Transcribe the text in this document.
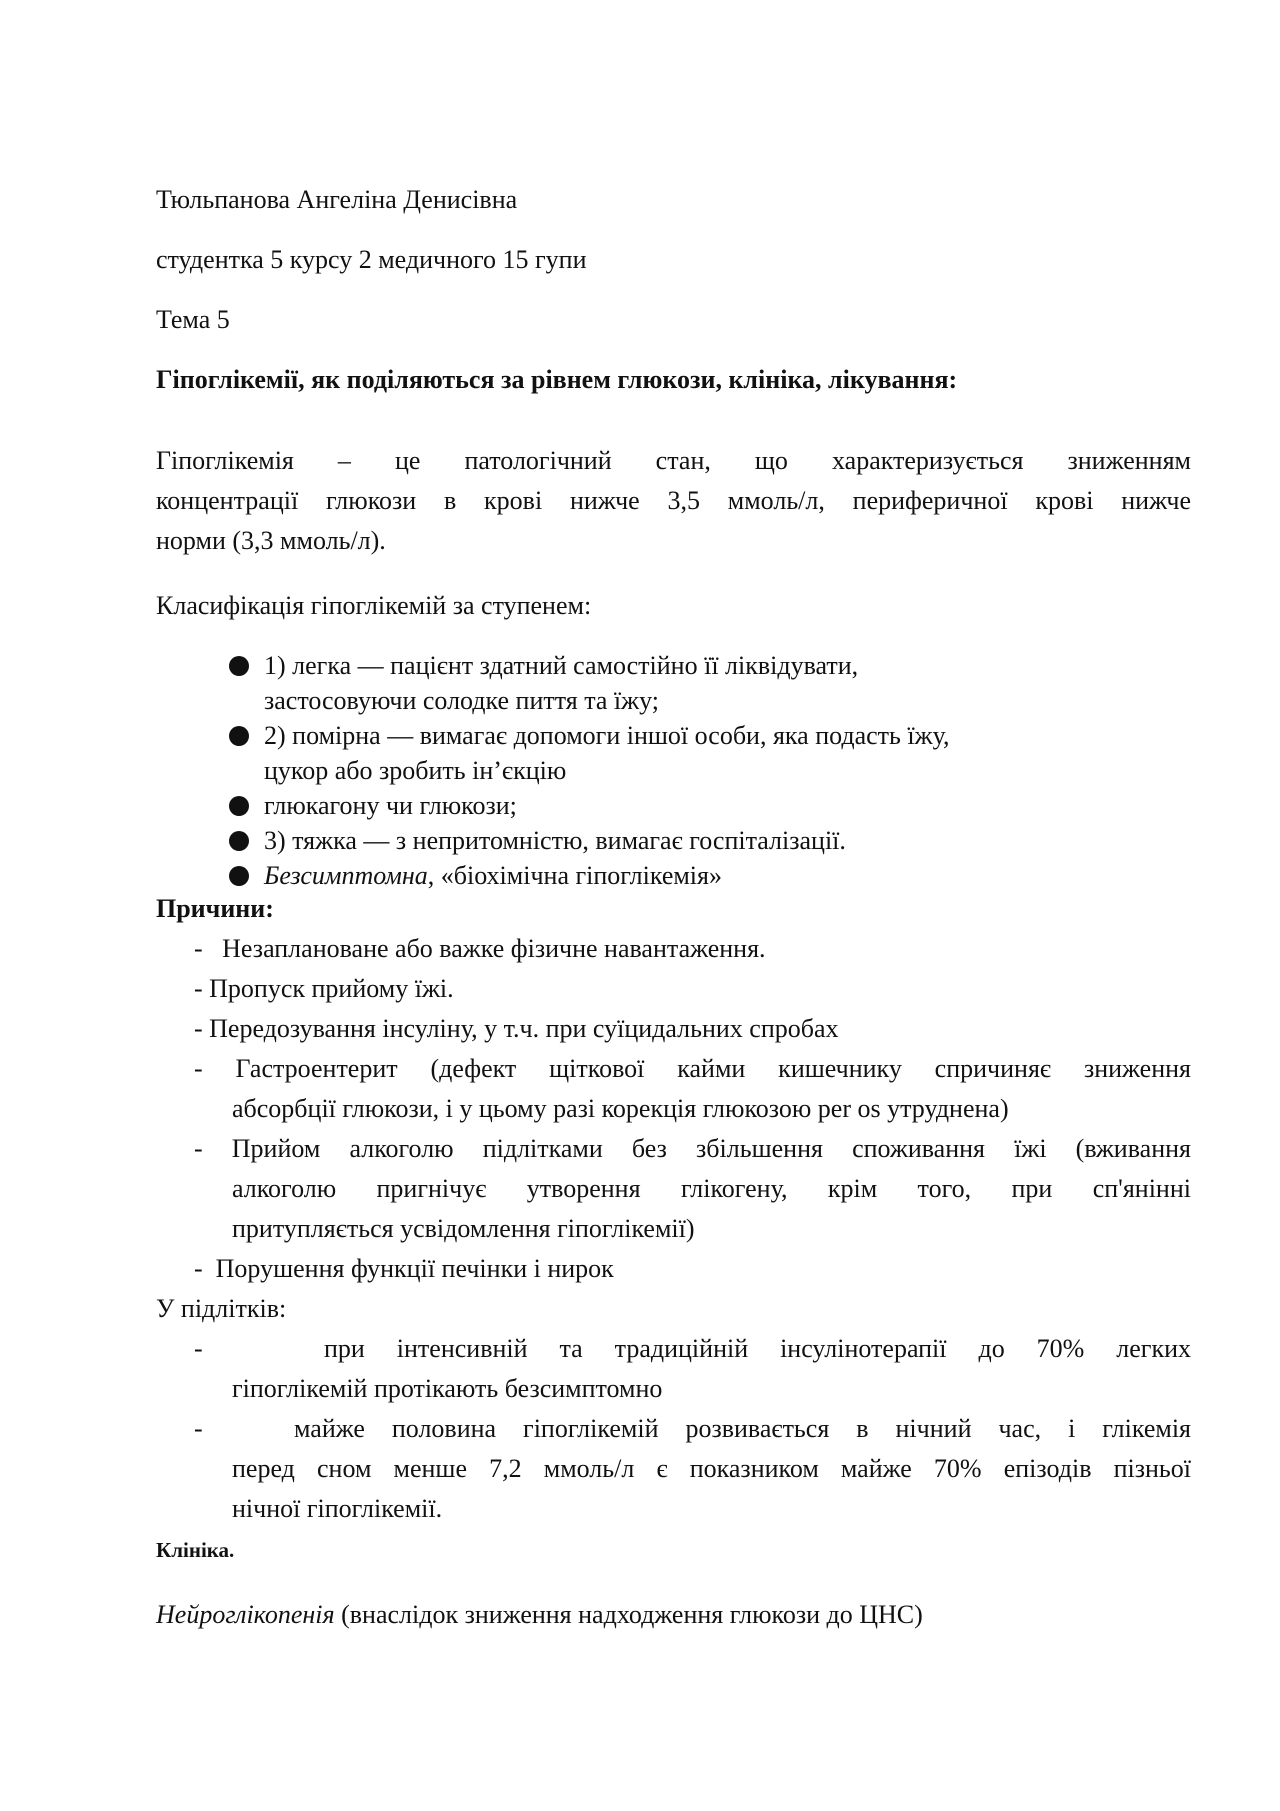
Тюльпанова Ангеліна Денисівна
студентка 5 курсу 2 медичного 15 гупи
Тема 5
Гіпоглікемії, як поділяються за рівнем глюкози, клініка, лікування:
Гіпоглікемія – це патологічний стан, що характеризується зниженням
концентрації глюкози в крові нижче 3,5 ммоль/л, периферичної крові нижче
норми (3,3 ммоль/л).
Класифікація гіпоглікемій за ступенем:
1) легка — пацієнт здатний самостійно її ліквідувати,
застосовуючи солодке пиття та їжу;
2) помірна — вимагає допомоги іншої особи, яка подасть їжу,
цукор або зробить ін’єкцію
глюкагону чи глюкози;
3) тяжка — з непритомністю, вимагає госпіталізації.
Безсимптомна, «біохімічна гіпоглікемія»
Причини:
-   Незаплановане або важке фізичне навантаження.
- Пропуск прийому їжі.
- Передозування інсуліну, у т.ч. при суїцидальних спробах
- Гастроентерит (дефект щіткової кайми кишечнику спричиняє зниження
абсорбції глюкози, і у цьому разі корекція глюкозою per os утруднена)
- Прийом алкоголю підлітками без збільшення споживання їжі (вживання
алкоголю пригнічує утворення глікогену, крім того, при сп'янінні
притупляється усвідомлення гіпоглікемії)
-  Порушення функції печінки і нирок
У підлітків:
-	при інтенсивній та традиційній інсулінотерапії до 70% легких
гіпоглікемій протікають безсимптомно
-	майже половина гіпоглікемій розвивається в нічний час, і глікемія
перед сном менше 7,2 ммоль/л є показником майже 70% епізодів пізньої
нічної гіпоглікемії.
Клініка.
Нейроглікопенія (внаслідок зниження надходження глюкози до ЦНС)
